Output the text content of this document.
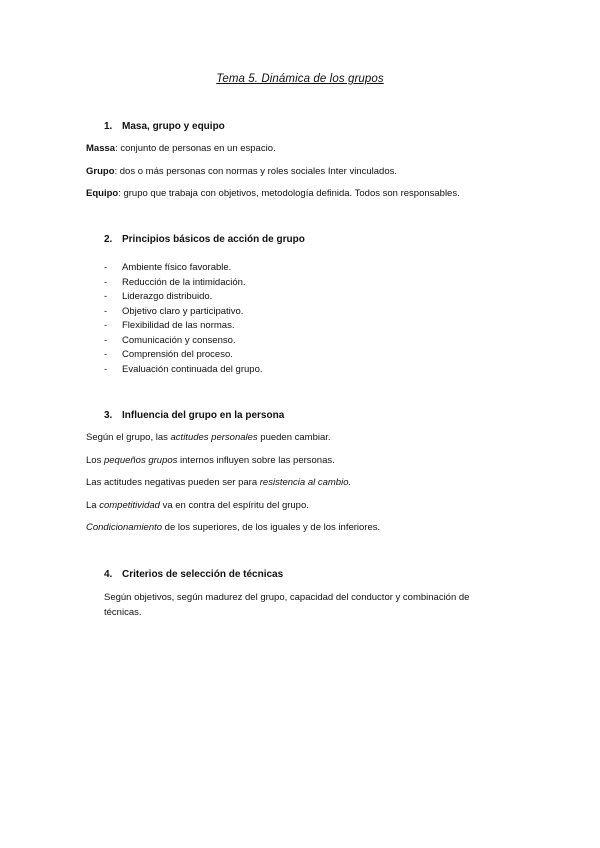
Tema 5. Dinámica de los grupos
1. Masa, grupo y equipo
Massa: conjunto de personas en un espacio.
Grupo: dos o más personas con normas y roles sociales Inter vinculados.
Equipo: grupo que trabaja con objetivos, metodología definida. Todos son responsables.
2. Principios básicos de acción de grupo
- Ambiente físico favorable.
- Reducción de la intimidación.
- Liderazgo distribuido.
- Objetivo claro y participativo.
- Flexibilidad de las normas.
- Comunicación y consenso.
- Comprensión del proceso.
- Evaluación continuada del grupo.
3. Influencia del grupo en la persona
Según el grupo, las actitudes personales pueden cambiar.
Los pequeños grupos internos influyen sobre las personas.
Las actitudes negativas pueden ser para resistencia al cambio.
La competitividad va en contra del espíritu del grupo.
Condicionamiento de los superiores, de los iguales y de los inferiores.
4. Criterios de selección de técnicas
Según objetivos, según madurez del grupo, capacidad del conductor y combinación de técnicas.
